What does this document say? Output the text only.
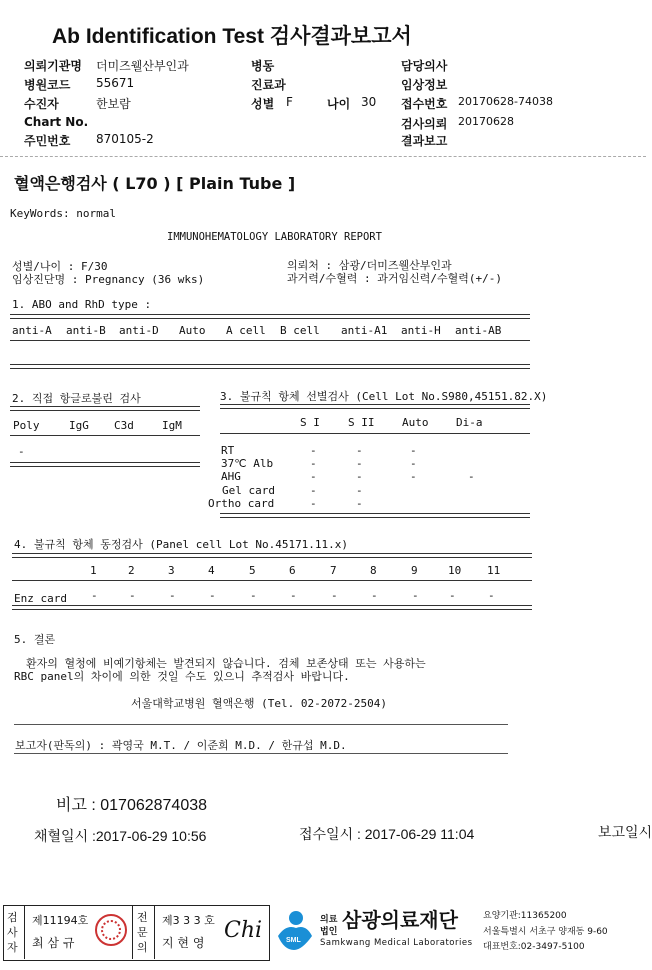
Ab Identification Test 검사결과보고서
의뢰기관명 더미즈웰산부인과	병동	담당의사
병원코드 55671	진료과	임상정보
수진자	한보람	성별 F	나이 30 접수번호 20170628-74038
Chart No.	검사의뢰 20170628
주민번호 870105-2	결과보고
혈액은행검사 ( L70 ) [ Plain Tube ]
KeyWords: normal
IMMUNOHEMATOLOGY LABORATORY REPORT
성별/나이 : F/30
임상진단명 : Pregnancy (36 wks)
의뢰처 : 삼광/더미즈웰산부인과
과거력/수혈력 : 과거임신력/수혈력(+/-)
1. ABO and RhD type :
anti-A anti-B anti-D Auto A cell B cell anti-A1 anti-H anti-AB
2. 직접 항글로불린 검사
Poly	IgG C3d	IgM
-
3. 불규칙 항체 선별검사 (Cell Lot No.S980,45151.82.X)
S I	S II	Auto	Di-a
RT	-	-	-
37℃ Alb	-	-	-
AHG	-	-	-	-
Gel card	-	-
Ortho card	-	-
4. 불규칙 항체 동정검사 (Panel cell Lot No.45171.11.x)
1	2	3	4	5	6	7	8	9	10 11
Enz card -	-	-	-	-	-	-	-	-	-	-
5. 결론
환자의 혈청에 비예기항체는 발견되지 않습니다. 검체 보존상태 또는 사용하는
RBC panel의 차이에 의한 것일 수도 있으니 추적검사 바랍니다.
서울대학교병원 혈액은행 (Tel. 02-2072-2504)
보고자(판독의) : 곽영국 M.T. / 이준희 M.D. / 한규섭 M.D.
비고 : 017062874038
채혈일시 :2017-06-29 10:56	접수일시 : 2017-06-29 11:04	보고일시
검사자
제11194호
최 삼 규
전문의
제3 3 3 호
지 현 영 Chi	SML
의료
법인 삼광의료재단
Samkwang Medical Laboratories
요양기관:11365200
서울특별시 서초구 양재동 9-60
대표번호:02-3497-5100
